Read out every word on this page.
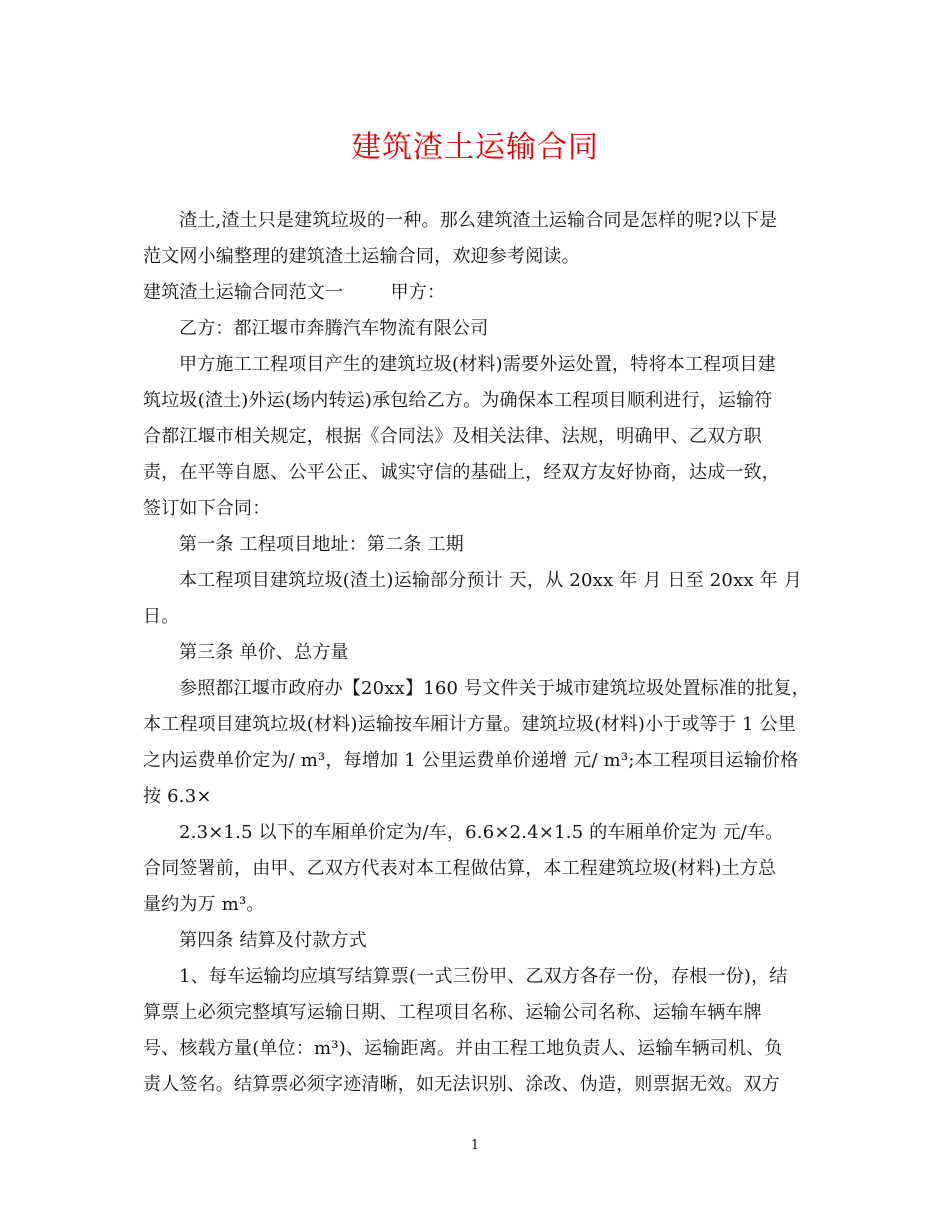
建筑渣土运输合同

渣土,渣土只是建筑垃圾的一种。那么建筑渣土运输合同是怎样的呢?以下是

范文网小编整理的建筑渣土运输合同，欢迎参考阅读。

建筑渣土运输合同范文一        甲方：

乙方：都江堰市奔腾汽车物流有限公司

甲方施工工程项目产生的建筑垃圾(材料)需要外运处置，特将本工程项目建

筑垃圾(渣土)外运(场内转运)承包给乙方。为确保本工程项目顺利进行，运输符

合都江堰市相关规定，根据《合同法》及相关法律、法规，明确甲、乙双方职

责，在平等自愿、公平公正、诚实守信的基础上，经双方友好协商，达成一致，

签订如下合同：

第一条 工程项目地址：第二条 工期

本工程项目建筑垃圾(渣土)运输部分预计 天，从 20xx 年 月 日至 20xx 年 月

日。

第三条 单价、总方量

参照都江堰市政府办【20xx】160 号文件关于城市建筑垃圾处置标准的批复，

本工程项目建筑垃圾(材料)运输按车厢计方量。建筑垃圾(材料)小于或等于 1 公里

之内运费单价定为/ m³，每增加 1 公里运费单价递增 元/ m³;本工程项目运输价格

按 6.3×

2.3×1.5 以下的车厢单价定为/车，6.6×2.4×1.5 的车厢单价定为 元/车。

合同签署前，由甲、乙双方代表对本工程做估算，本工程建筑垃圾(材料)土方总

量约为万 m³。

第四条 结算及付款方式

1、每车运输均应填写结算票(一式三份甲、乙双方各存一份，存根一份)，结

算票上必须完整填写运输日期、工程项目名称、运输公司名称、运输车辆车牌

号、核载方量(单位：m³)、运输距离。并由工程工地负责人、运输车辆司机、负

责人签名。结算票必须字迹清晰，如无法识别、涂改、伪造，则票据无效。双方

1
